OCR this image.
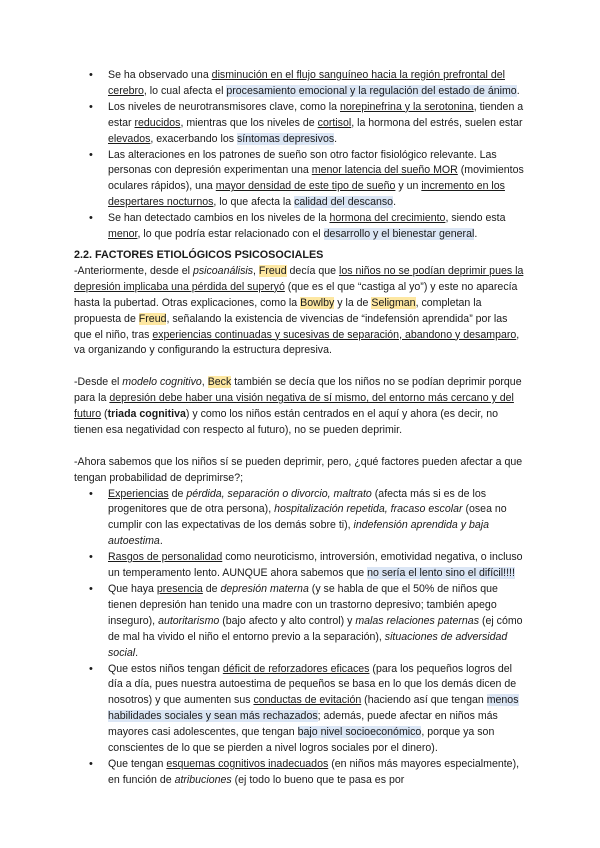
• Se ha observado una disminución en el flujo sanguíneo hacia la región prefrontal del cerebro, lo cual afecta el procesamiento emocional y la regulación del estado de ánimo.
• Los niveles de neurotransmisores clave, como la norepinefrina y la serotonina, tienden a estar reducidos, mientras que los niveles de cortisol, la hormona del estrés, suelen estar elevados, exacerbando los síntomas depresivos.
• Las alteraciones en los patrones de sueño son otro factor fisiológico relevante. Las personas con depresión experimentan una menor latencia del sueño MOR (movimientos oculares rápidos), una mayor densidad de este tipo de sueño y un incremento en los despertares nocturnos, lo que afecta la calidad del descanso.
• Se han detectado cambios en los niveles de la hormona del crecimiento, siendo esta menor, lo que podría estar relacionado con el desarrollo y el bienestar general.
2.2. FACTORES ETIOLÓGICOS PSICOSOCIALES

-Anteriormente, desde el psicoanálisis, Freud decía que los niños no se podían deprimir pues la depresión implicaba una pérdida del superyó (que es el que “castiga al yo”) y este no aparecía hasta la pubertad. Otras explicaciones, como la Bowlby y la de Seligman, completan la propuesta de Freud, señalando la existencia de vivencias de “indefensión aprendida” por las que el niño, tras experiencias continuadas y sucesivas de separación, abandono y desamparo, va organizando y configurando la estructura depresiva.

-Desde el modelo cognitivo, Beck también se decía que los niños no se podían deprimir porque para la depresión debe haber una visión negativa de sí mismo, del entorno más cercano y del futuro (triada cognitiva) y como los niños están centrados en el aquí y ahora (es decir, no tienen esa negatividad con respecto al futuro), no se pueden deprimir.

-Ahora sabemos que los niños sí se pueden deprimir, pero, ¿qué factores pueden afectar a que tengan probabilidad de deprimirse?;

• Experiencias de pérdida, separación o divorcio, maltrato (afecta más si es de los progenitores que de otra persona), hospitalización repetida, fracaso escolar (osea no cumplir con las expectativas de los demás sobre ti), indefensión aprendida y baja autoestima.
• Rasgos de personalidad como neuroticismo, introversión, emotividad negativa, o incluso un temperamento lento. AUNQUE ahora sabemos que no sería el lento sino el difícil!!!!
• Que haya presencia de depresión materna (y se habla de que el 50% de niños que tienen depresión han tenido una madre con un trastorno depresivo; también apego inseguro), autoritarismo (bajo afecto y alto control) y malas relaciones paternas (ej cómo de mal ha vivido el niño el entorno previo a la separación), situaciones de adversidad social.
• Que estos niños tengan déficit de reforzadores eficaces (para los pequeños logros del día a día, pues nuestra autoestima de pequeños se basa en lo que los demás dicen de nosotros) y que aumenten sus conductas de evitación (haciendo así que tengan menos habilidades sociales y sean más rechazados; además, puede afectar en niños más mayores casi adolescentes, que tengan bajo nivel socioeconómico, porque ya son conscientes de lo que se pierden a nivel logros sociales por el dinero).
• Que tengan esquemas cognitivos inadecuados (en niños más mayores especialmente), en función de atribuciones (ej todo lo bueno que te pasa es por
